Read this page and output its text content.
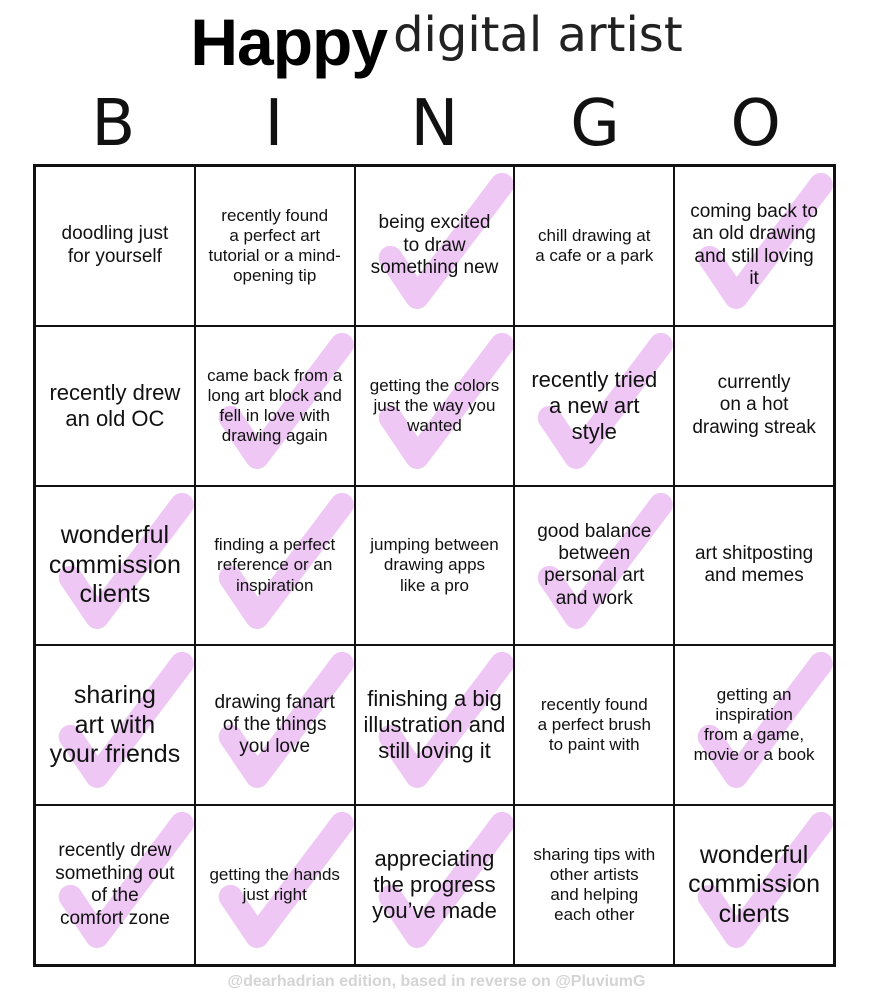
Happy digital artist
B	I	N	G	O
doodling just
for yourself
recently found
a perfect art
tutorial or a mind-
opening tip
being excited
to draw
something new
chill drawing at
a cafe or a park
coming back to
an old drawing
and still loving
it
recently drew
an old OC
came back from a
long art block and
fell in love with
drawing again
getting the colors
just the way you
wanted
recently tried
a new art
style
currently
on a hot
drawing streak
wonderful
commission
clients
finding a perfect
reference or an
inspiration
jumping between
drawing apps
like a pro
good balance
between
personal art
and work
art shitposting
and memes
sharing
art with
your friends
drawing fanart
of the things
you love
finishing a big
illustration and
still loving it
recently found
a perfect brush
to paint with
getting an
inspiration
from a game,
movie or a book
recently drew
something out
of the
comfort zone
getting the hands
just right
appreciating
the progress
you’ve made
sharing tips with
other artists
and helping
each other
wonderful
commission
clients
@dearhadrian edition, based in reverse on @PluviumG
